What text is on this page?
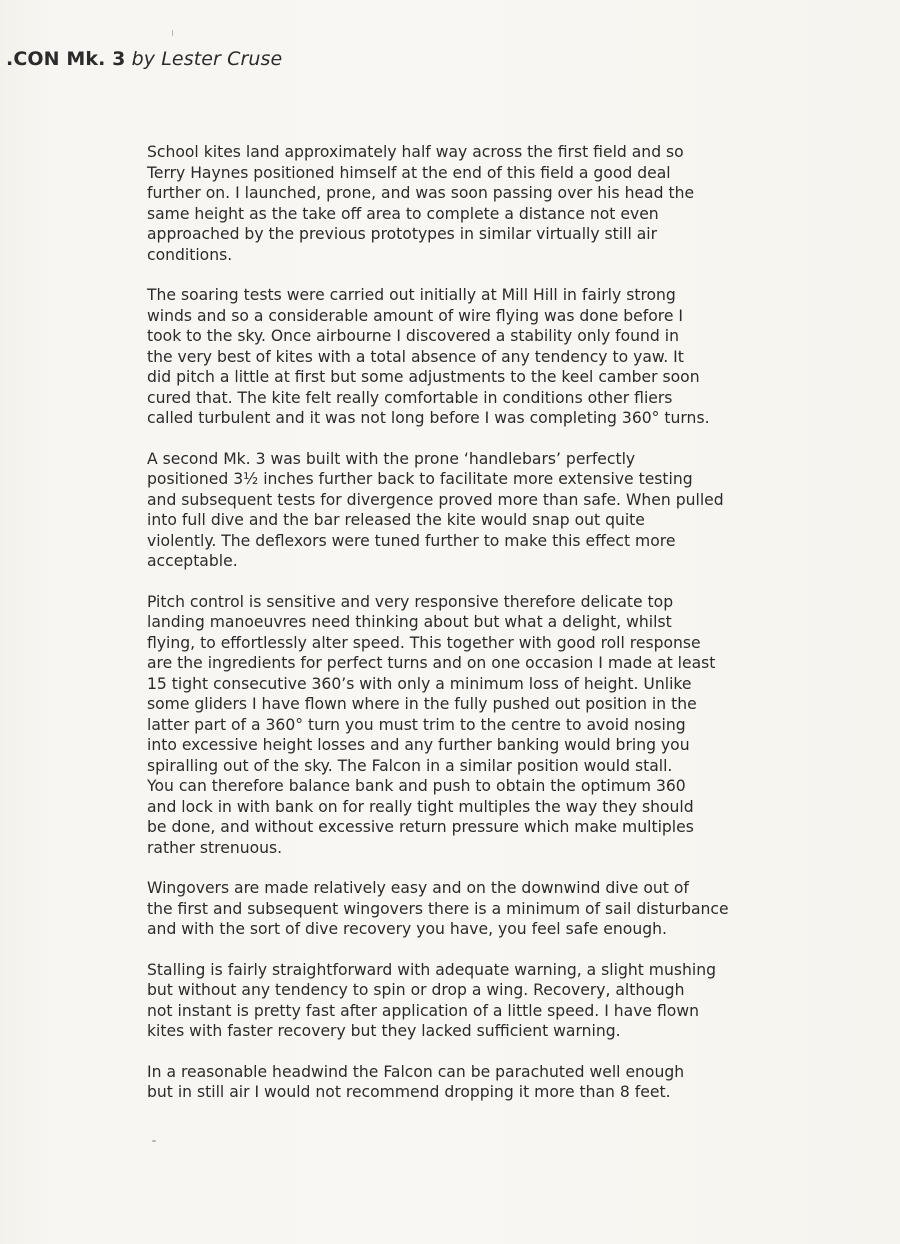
.CON Mk. 3 by Lester Cruse

School kites land approximately half way across the first field and so
Terry Haynes positioned himself at the end of this field a good deal
further on. I launched, prone, and was soon passing over his head the
same height as the take off area to complete a distance not even
approached by the previous prototypes in similar virtually still air
conditions.

The soaring tests were carried out initially at Mill Hill in fairly strong
winds and so a considerable amount of wire flying was done before I
took to the sky. Once airbourne I discovered a stability only found in
the very best of kites with a total absence of any tendency to yaw. It
did pitch a little at first but some adjustments to the keel camber soon
cured that. The kite felt really comfortable in conditions other fliers
called turbulent and it was not long before I was completing 360° turns.

A second Mk. 3 was built with the prone ‘handlebars’ perfectly
positioned 3½ inches further back to facilitate more extensive testing
and subsequent tests for divergence proved more than safe. When pulled
into full dive and the bar released the kite would snap out quite
violently. The deflexors were tuned further to make this effect more
acceptable.

Pitch control is sensitive and very responsive therefore delicate top
landing manoeuvres need thinking about but what a delight, whilst
flying, to effortlessly alter speed. This together with good roll response
are the ingredients for perfect turns and on one occasion I made at least
15 tight consecutive 360’s with only a minimum loss of height. Unlike
some gliders I have flown where in the fully pushed out position in the
latter part of a 360° turn you must trim to the centre to avoid nosing
into excessive height losses and any further banking would bring you
spiralling out of the sky. The Falcon in a similar position would stall.
You can therefore balance bank and push to obtain the optimum 360
and lock in with bank on for really tight multiples the way they should
be done, and without excessive return pressure which make multiples
rather strenuous.

Wingovers are made relatively easy and on the downwind dive out of
the first and subsequent wingovers there is a minimum of sail disturbance
and with the sort of dive recovery you have, you feel safe enough.

Stalling is fairly straightforward with adequate warning, a slight mushing
but without any tendency to spin or drop a wing. Recovery, although
not instant is pretty fast after application of a little speed. I have flown
kites with faster recovery but they lacked sufficient warning.

In a reasonable headwind the Falcon can be parachuted well enough
but in still air I would not recommend dropping it more than 8 feet.
